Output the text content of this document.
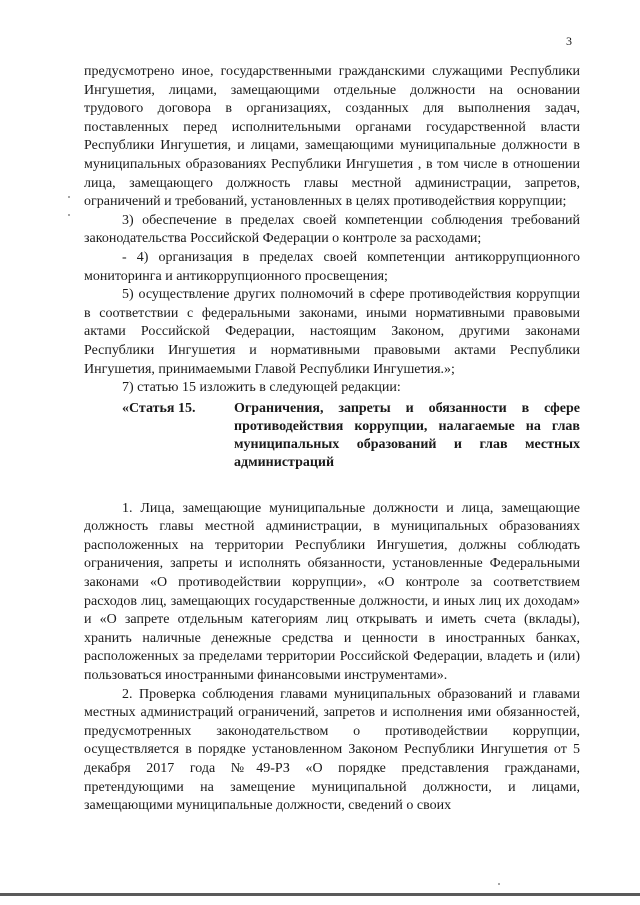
3

предусмотрено иное, государственными гражданскими служащими Республики Ингушетия, лицами, замещающими отдельные должности на основании трудового договора в организациях, созданных для выполнения задач, поставленных перед исполнительными органами государственной власти Республики Ингушетия, и лицами, замещающими муниципальные должности в муниципальных образованиях Республики Ингушетия , в том числе в отношении лица, замещающего должность главы местной администрации, запретов, ограничений и требований, установленных в целях противодействия коррупции;

3) обеспечение в пределах своей компетенции соблюдения требований законодательства Российской Федерации о контроле за расходами;

- 4) организация в пределах своей компетенции антикоррупционного мониторинга и антикоррупционного просвещения;

5) осуществление других полномочий в сфере противодействия коррупции в соответствии с федеральными законами, иными нормативными правовыми актами Российской Федерации, настоящим Законом, другими законами Республики Ингушетия и нормативными правовыми актами Республики Ингушетия, принимаемыми Главой Республики Ингушетия.»;

7) статью 15 изложить в следующей редакции:

«Статья 15.	Ограничения, запреты и обязанности в сфере противодействия коррупции, налагаемые на глав муниципальных образований и глав местных администраций

1. Лица, замещающие муниципальные должности и лица, замещающие должность главы местной администрации, в муниципальных образованиях расположенных на территории Республики Ингушетия, должны соблюдать ограничения, запреты и исполнять обязанности, установленные Федеральными законами «О противодействии коррупции», «О контроле за соответствием расходов лиц, замещающих государственные должности, и иных лиц их доходам» и «О запрете отдельным категориям лиц открывать и иметь счета (вклады), хранить наличные денежные средства и ценности в иностранных банках, расположенных за пределами территории Российской Федерации, владеть и (или) пользоваться иностранными финансовыми инструментами».

2. Проверка соблюдения главами муниципальных образований и главами местных администраций ограничений, запретов и исполнения ими обязанностей, предусмотренных законодательством о противодействии коррупции, осуществляется в порядке установленном Законом Республики Ингушетия от 5 декабря 2017 года №49-РЗ «О порядке представления гражданами, претендующими на замещение муниципальной должности, и лицами, замещающими муниципальные должности, сведений о своих
